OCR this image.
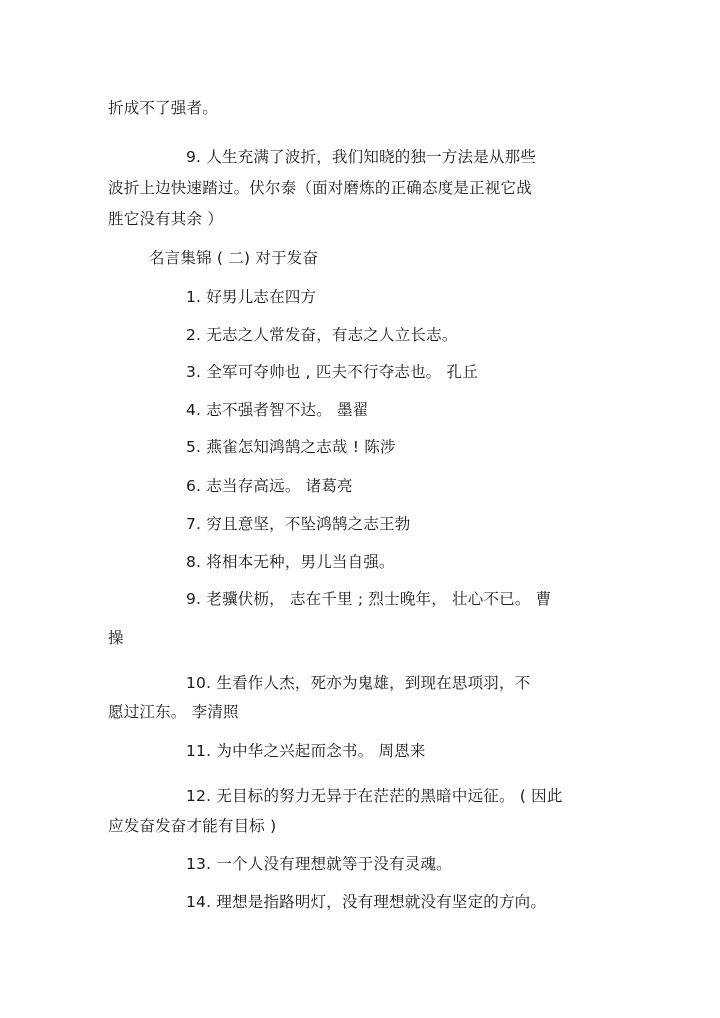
折成不了强者。
9. 人生充满了波折，我们知晓的独一方法是从那些
波折上边快速踏过。伏尔泰（面对磨炼的正确态度是正视它战
胜它没有其余 ）
名言集锦 ( 二) 对于发奋
1. 好男儿志在四方
2. 无志之人常发奋，有志之人立长志。
3. 全军可夺帅也 , 匹夫不行夺志也。 孔丘
4. 志不强者智不达。 墨翟
5. 燕雀怎知鸿鹄之志哉 ! 陈涉
6. 志当存高远。 诸葛亮
7. 穷且意坚，不坠鸿鹄之志王勃
8. 将相本无种，男儿当自强。
9. 老骥伏枥， 志在千里 ; 烈士晚年， 壮心不已。 曹
操
10. 生看作人杰，死亦为鬼雄，到现在思项羽，不
愿过江东。 李清照
11. 为中华之兴起而念书。 周恩来
12. 无目标的努力无异于在茫茫的黑暗中远征。 ( 因此
应发奋发奋才能有目标 )
13. 一个人没有理想就等于没有灵魂。
14. 理想是指路明灯，没有理想就没有坚定的方向。
